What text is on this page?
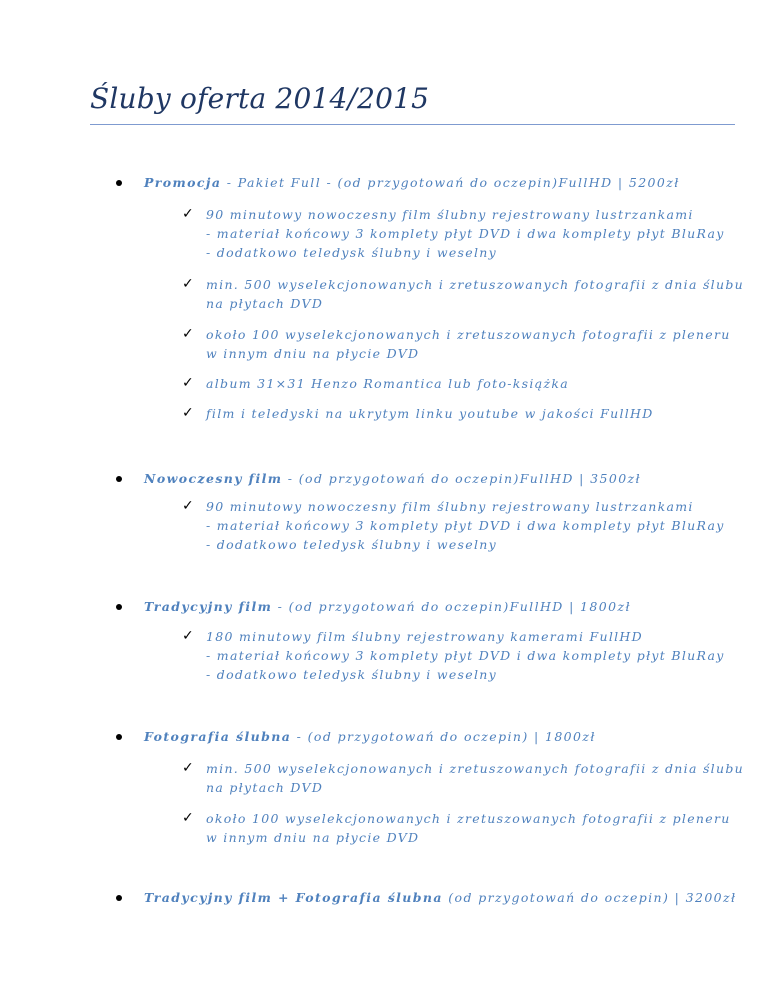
Śluby oferta 2014/2015
Promocja - Pakiet Full - (od przygotowań do oczepin)FullHD | 5200zł
✓ 90 minutowy nowoczesny film ślubny rejestrowany lustrzankami
- materiał końcowy 3 komplety płyt DVD i dwa komplety płyt BluRay
- dodatkowo teledysk ślubny i weselny
✓ min. 500 wyselekcjonowanych i zretuszowanych fotografii z dnia ślubu
na płytach DVD
✓ około 100 wyselekcjonowanych i zretuszowanych fotografii z pleneru
w innym dniu na płycie DVD
✓ album 31×31 Henzo Romantica lub foto-książka
✓ film i teledyski na ukrytym linku youtube w jakości FullHD
Nowoczesny film - (od przygotowań do oczepin)FullHD | 3500zł
✓ 90 minutowy nowoczesny film ślubny rejestrowany lustrzankami
- materiał końcowy 3 komplety płyt DVD i dwa komplety płyt BluRay
- dodatkowo teledysk ślubny i weselny
Tradycyjny film - (od przygotowań do oczepin)FullHD | 1800zł
✓ 180 minutowy film ślubny rejestrowany kamerami FullHD
- materiał końcowy 3 komplety płyt DVD i dwa komplety płyt BluRay
- dodatkowo teledysk ślubny i weselny
Fotografia ślubna - (od przygotowań do oczepin) | 1800zł
✓ min. 500 wyselekcjonowanych i zretuszowanych fotografii z dnia ślubu
na płytach DVD
✓ około 100 wyselekcjonowanych i zretuszowanych fotografii z pleneru
w innym dniu na płycie DVD
Tradycyjny film + Fotografia ślubna (od przygotowań do oczepin) | 3200zł
